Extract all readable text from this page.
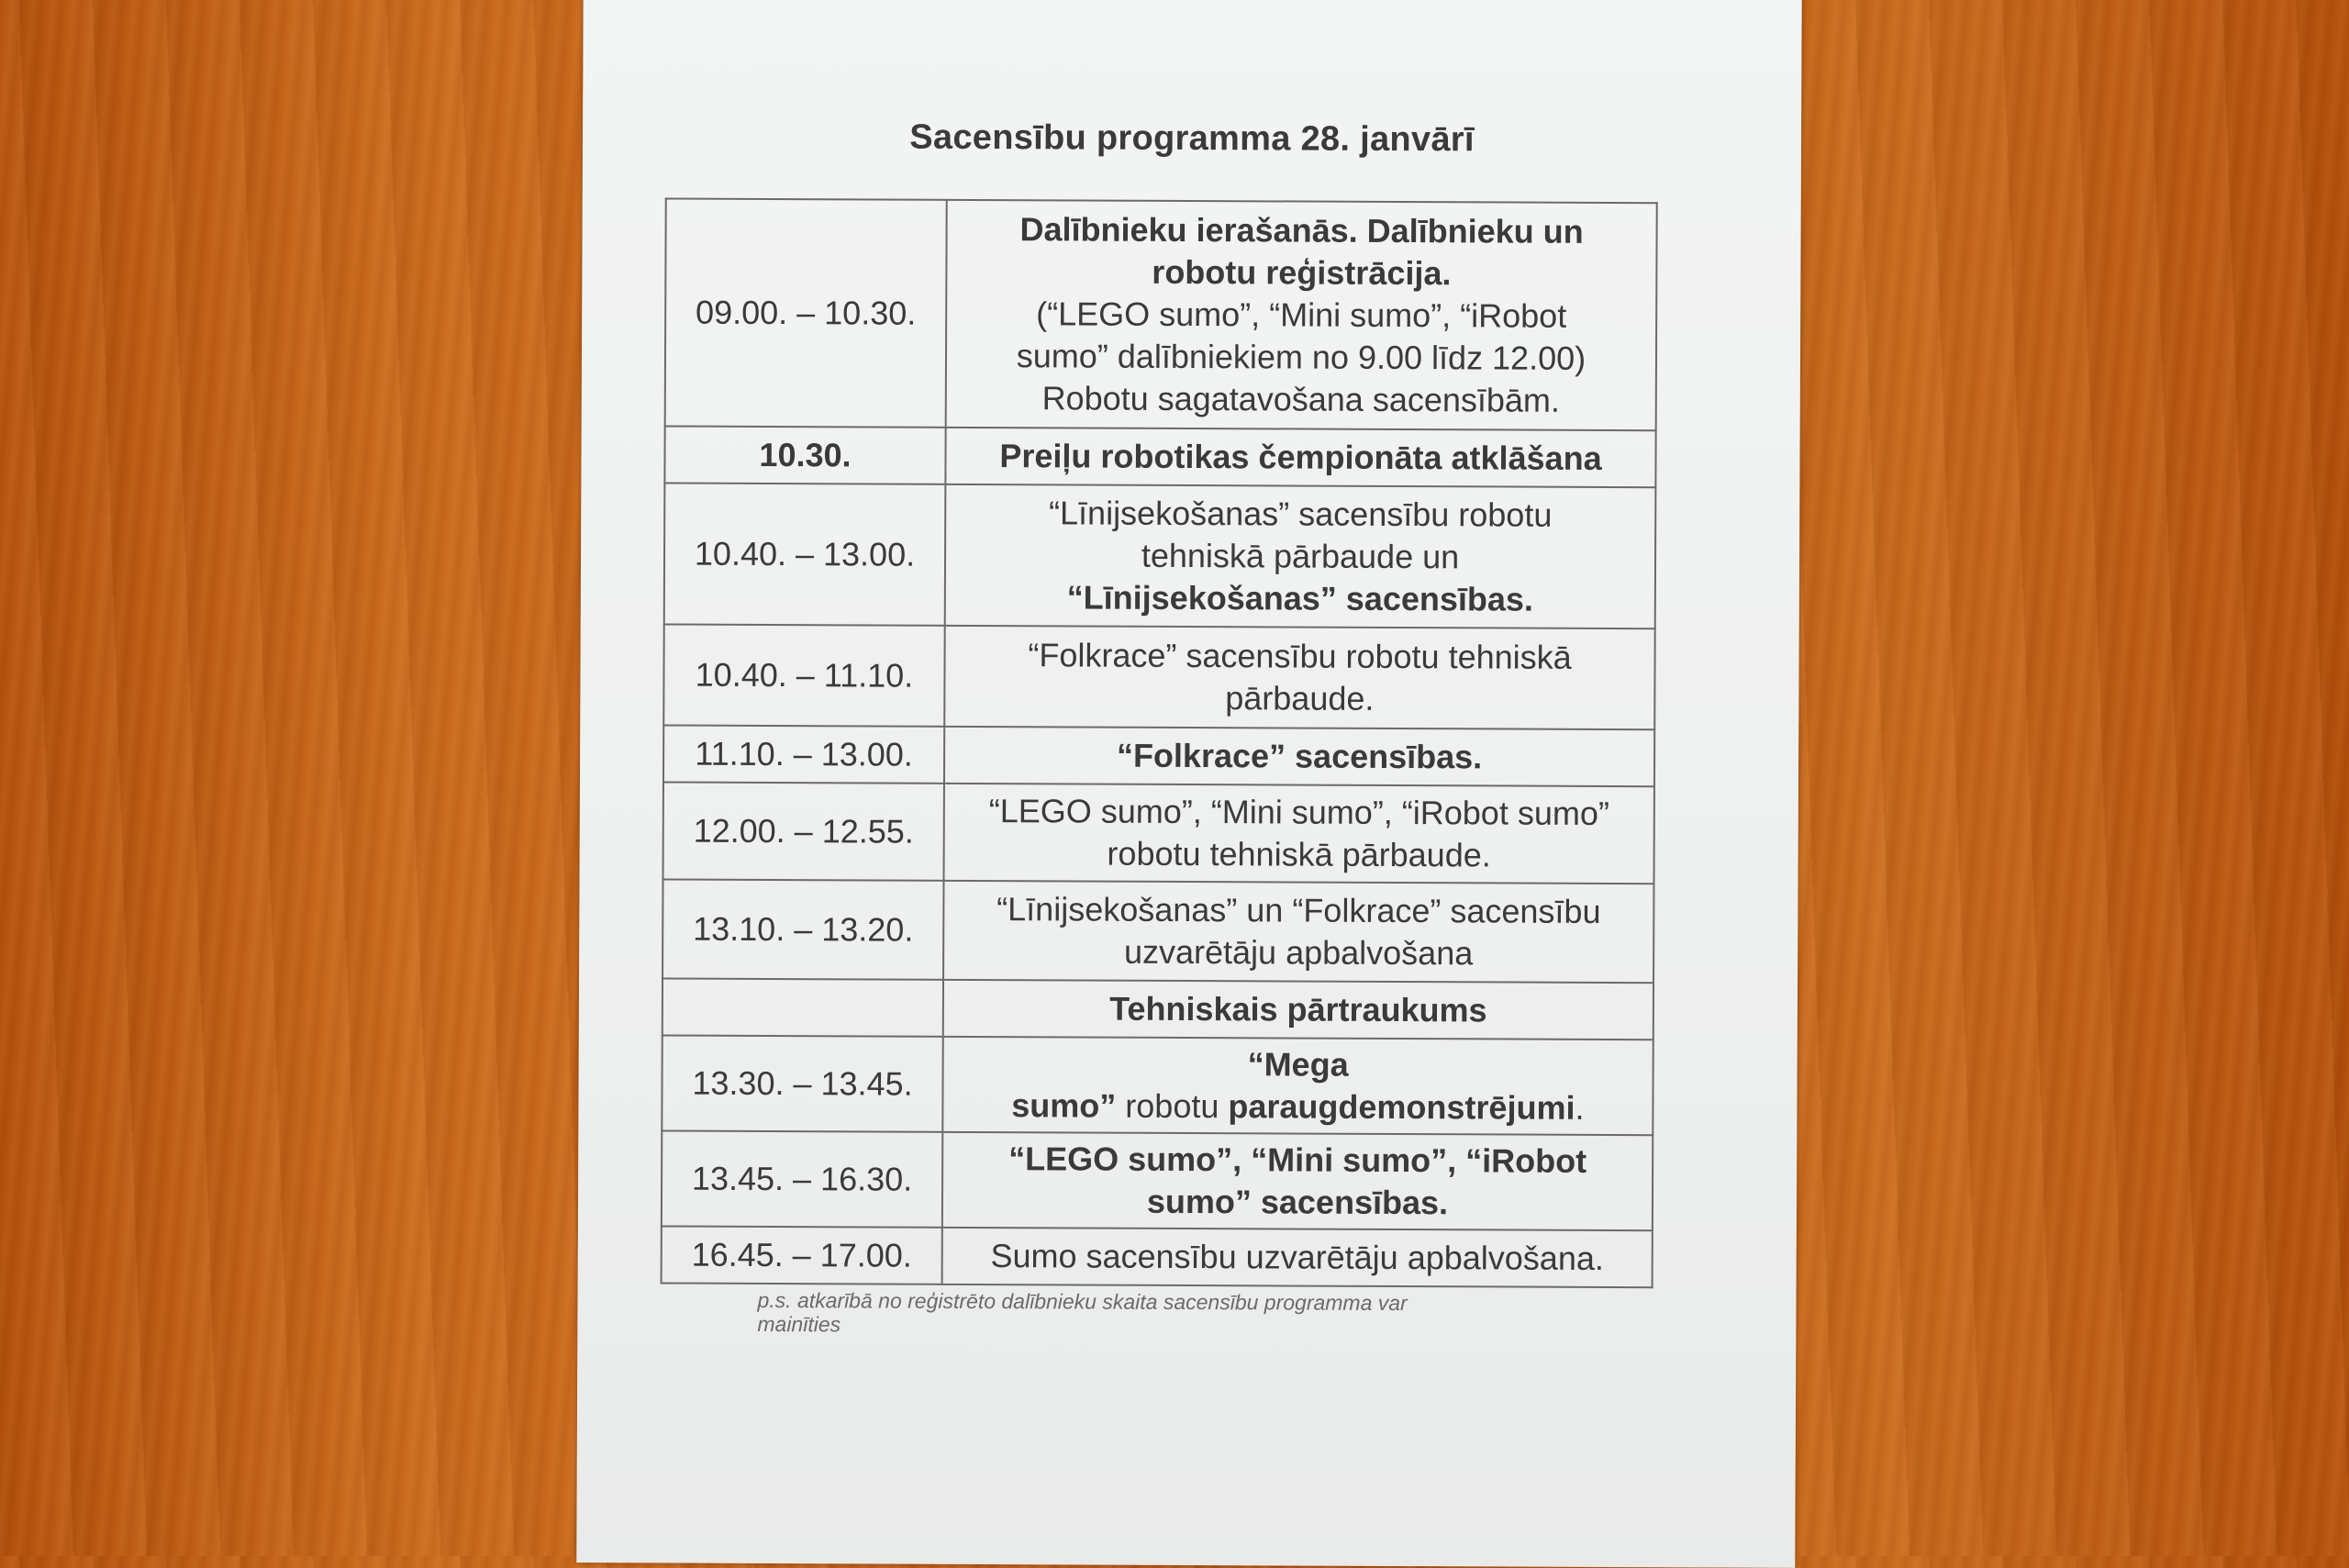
Sacensību programma 28. janvārī
09.00. – 10.30.	Dalībnieku ierašanās. Dalībnieku un
robotu reģistrācija.
(“LEGO sumo”, “Mini sumo”, “iRobot
sumo” dalībniekiem no 9.00 līdz 12.00)
Robotu sagatavošana sacensībām.

10.30.	Preiļu robotikas čempionāta atklāšana
10.40. – 13.00.	“Līnijsekošanas” sacensību robotu
tehniskā pārbaude un
“Līnijsekošanas” sacensības.

10.40. – 11.10.	“Folkrace” sacensību robotu tehniskā
pārbaude.

11.10. – 13.00.	“Folkrace” sacensības.
12.00. – 12.55.	“LEGO sumo”, “Mini sumo”, “iRobot sumo”
robotu tehniskā pārbaude.

13.10. – 13.20.	“Līnijsekošanas” un “Folkrace” sacensību
uzvarētāju apbalvošana

	Tehniskais pārtraukums
13.30. – 13.45.	“Mega
sumo” robotu paraugdemonstrējumi.

13.45. – 16.30.	“LEGO sumo”, “Mini sumo”, “iRobot
sumo” sacensības.

16.45. – 17.00.	Sumo sacensību uzvarētāju apbalvošana.
p.s. atkarībā no reģistrēto dalībnieku skaita sacensību programma var
mainīties
